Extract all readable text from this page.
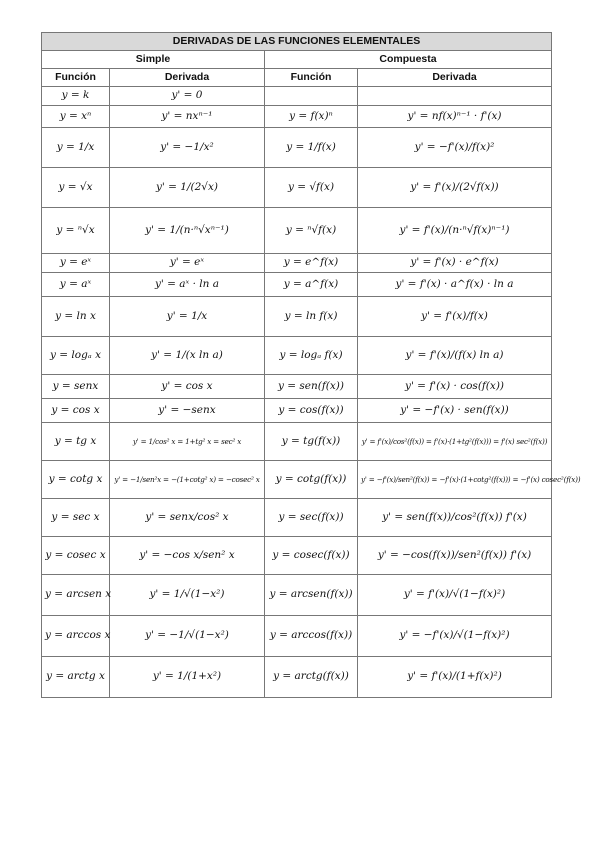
DERIVADAS DE LAS FUNCIONES ELEMENTALES			
Simple		Compuesta	
Función	Derivada	Función	Derivada
y = k	y' = 0		
y = xⁿ	y' = nxⁿ⁻¹	y = f(x)ⁿ	y' = nf(x)ⁿ⁻¹ · f'(x)
y = 1/x	y' = −1/x²	y = 1/f(x)	y' = −f'(x)/f(x)²
y = √x	y' = 1/(2√x)	y = √f(x)	y' = f'(x)/(2√f(x))
y = ⁿ√x	y' = 1/(n·ⁿ√xⁿ⁻¹)	y = ⁿ√f(x)	y' = f'(x)/(n·ⁿ√f(x)ⁿ⁻¹)
y = eˣ	y' = eˣ	y = e^f(x)	y' = f'(x) · e^f(x)
y = aˣ	y' = aˣ · ln a	y = a^f(x)	y' = f'(x) · a^f(x) · ln a
y = ln x	y' = 1/x	y = ln f(x)	y' = f'(x)/f(x)
y = logₐ x	y' = 1/(x ln a)	y = logₐ f(x)	y' = f'(x)/(f(x) ln a)
y = senx	y' = cos x	y = sen(f(x))	y' = f'(x) · cos(f(x))
y = cos x	y' = −senx	y = cos(f(x))	y' = −f'(x) · sen(f(x))
y = tg x	y' = 1/cos² x = 1+tg² x = sec² x	y = tg(f(x))	y' = f'(x)/cos²(f(x)) = f'(x)·(1+tg²(f(x))) = f'(x) sec²(f(x))
y = cotg x	y' = −1/sen²x = −(1+cotg² x) = −cosec² x	y = cotg(f(x))	y' = −f'(x)/sen²(f(x)) = −f'(x)·(1+cotg²(f(x))) = −f'(x) cosec²(f(x))
y = sec x	y' = senx/cos² x	y = sec(f(x))	y' = sen(f(x))/cos²(f(x)) f'(x)
y = cosec x	y' = −cos x/sen² x	y = cosec(f(x))	y' = −cos(f(x))/sen²(f(x)) f'(x)
y = arcsen x	y' = 1/√(1−x²)	y = arcsen(f(x))	y' = f'(x)/√(1−f(x)²)
y = arccos x	y' = −1/√(1−x²)	y = arccos(f(x))	y' = −f'(x)/√(1−f(x)²)
y = arctg x	y' = 1/(1+x²)	y = arctg(f(x))	y' = f'(x)/(1+f(x)²)
